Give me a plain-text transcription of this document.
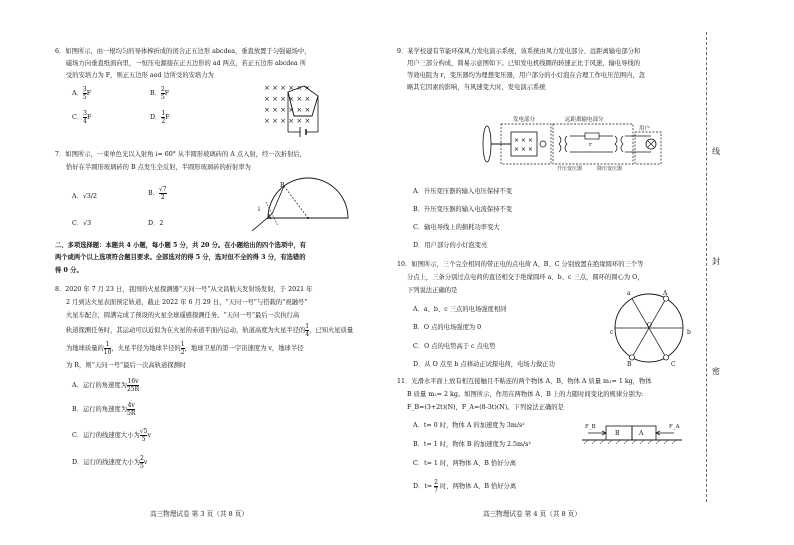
6．如图所示，由一根均匀的导体棒折成的闭合正五边形 abcdea，垂直放置于匀强磁场中，
磁场方向垂直纸面向里，一恒压电源接在正五边形的 ad 两点，若正五边形 abcdea 所
受的安培力为 F，则正五边形 aed 边所受的安培力为
A． $\frac{3}{5}$ F	B． $\frac{2}{5}$ F
C． $\frac{3}{4}$ F	D． $\frac{1}{2}$ F
× × × × × ×
× × × × × ×
× × × × × ×
× × × × × ×
7．如图所示，一束单色光以入射角 i= 60° 从半圆形玻璃砖的 A 点入射，经一次折射后，
恰好在半圆形玻璃砖的 B 点发生全反射，半圆形玻璃砖的折射率为
A．√3/2	B． $\frac{√7}{2}$
C．√3	D．2
B
A
i
二、多项选择题：本题共 4 小题，每小题 5 分，共 20 分。在小题给出的四个选项中，有
两个或两个以上选项符合题目要求。全部选对的得 5 分，选对但不全的得 3 分，有选错的
得 0 分。
8．2020 年 7 月 23 日，我国的火星探测器“天问一号”从文昌航天发射场发射，于 2021 年
2 月到达火星表面预定轨道，截止 2022 年 6 月 29 日，“天问一号”与搭载的“祝融号”
火星车配合，圆满完成了预设的火星全球遥感探测任务。“天问一号”最后一次执行高
轨道探测任务时，其运动可以近似为在火星的赤道平面内运动，轨道高度为火星半径的 $\frac{1}{4}$ ，已知火星质量
为地球质量的 $\frac{1}{10}$ ，火星半径为地球半径的 $\frac{1}{2}$ ，地球卫星的第一宇宙速度为 v，地球半径
为 R，则“天问一号”最后一次高轨道探测时
A．运行的角速度为 $\frac{16v}{25R}$
B．运行的角速度为 $\frac{4v}{5R}$
C．运行的线速度大小为 $\frac{√5}{5}$ v
D．运行的线速度大小为 $\frac{2}{5}$ v
高三物理试卷 第 3 页（共 8 页）
9．某学校建有节能环保风力发电演示系统，该系统由风力发电部分、远距离输电部分和
用户三部分构成，简易示意图如下。已知发电机线圈的转速正比于风速，输电导线的
等效电阻为 r，变压器均为理想变压器，用户部分的小灯泡在合理工作电压范围内，忽
略其它因素的影响，当风速变大时，发电演示系统
× × ×
× × ×
发电部分	远距离输电部分
用户
升压变压器	降压变压器
r
A．升压变压器的输入电压保持不变
B．升压变压器的输入电流保持不变
C．输电导线上的损耗功率变大
D．用户部分的小灯泡变亮
10．如图所示，三个完全相同的带正电的点电荷 A、B、C 分别放置在绝缘圆环的三个等
分点上，三条分别过点电荷的直径相交于绝缘圆环 a、b、c 三点，圆环的圆心为 O，
下列说法正确的是
A．a、b、c 三点的电场强度相同
B．O 点的电场强度为 0
C．O 点的电势高于 c 点电势
D．从 O 点至 b 点移动正试探电荷，电场力做正功
A
B	C
a
c	b
O
11．光滑水平面上放有相互接触且不粘连的两个物体 A、B，物体 A 质量 m₁= 1 kg，物体
B 质量 m₂= 2 kg。如图所示，作用在两物体 A、B 上的力随时间变化的规律分别为:
F_B=(3+2t)(N)，F_A=(8-3t)(N)。下列说法正确的是
A．t= 0 时，物体 A 的加速度为 3m/s²
B．t= 1 时，物体 B 的加速度为 2.5m/s²
C．t= 1 时，两物体 A、B 恰好分离
D．$t= \frac{2}{7}$ 时，两物体 A、B 恰好分离
F_B	F_A
B	A
高三物理试卷 第 4 页（共 8 页）
线
封
密
